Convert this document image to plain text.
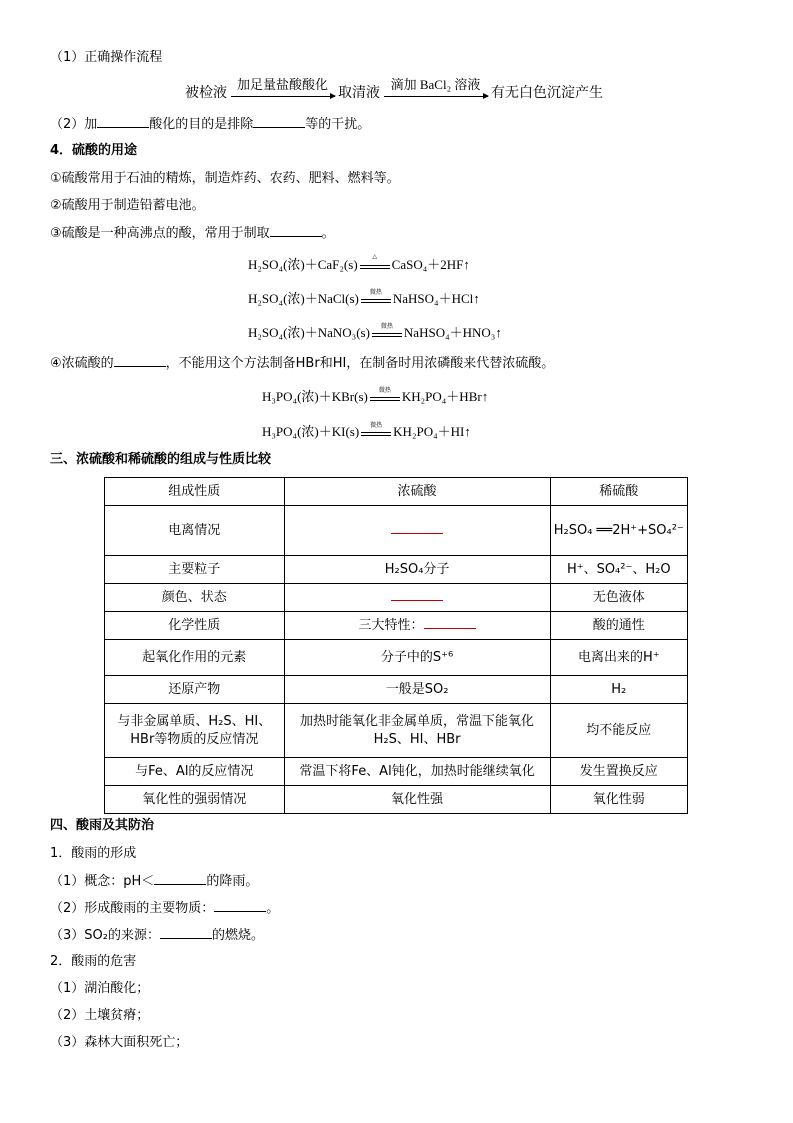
（1）正确操作流程
被检液
加足量盐酸酸化
取清液
滴加 BaCl₂ 溶液
有无白色沉淀产生
（2）加	酸化的目的是排除	等的干扰。
4．硫酸的用途
①硫酸常用于石油的精炼，制造炸药、农药、肥料、燃料等。
②硫酸用于制造铅蓄电池。
③硫酸是一种高沸点的酸，常用于制取	。
H₂SO₄(浓)＋CaF₂(s)	△	CaSO₄＋2HF↑
H₂SO₄(浓)＋NaCl(s)	微热 NaHSO₄＋HCl↑
H₂SO₄(浓)＋NaNO₃(s)	微热 NaHSO₄＋HNO₃↑
④浓硫酸的	，不能用这个方法制备HBr和HI，在制备时用浓磷酸来代替浓硫酸。
H₃PO₄(浓)＋KBr(s)	微热 KH₂PO₄＋HBr↑
H₃PO₄(浓)＋KI(s)	微热 KH₂PO₄＋HI↑
三、浓硫酸和稀硫酸的组成与性质比较
组成性质	浓硫酸	稀硫酸
电离情况		H₂SO₄ ══2H⁺+SO₄²⁻
主要粒子	H₂SO₄分子	H⁺、SO₄²⁻、H₂O
颜色、状态		无色液体
化学性质	三大特性：	酸的通性
起氧化作用的元素	分子中的S⁺⁶	电离出来的H⁺
还原产物	一般是SO₂	H₂
与非金属单质、H₂S、HI、HBr等物质的反应情况	加热时能氧化非金属单质，常温下能氧化H₂S、HI、HBr	均不能反应
与Fe、Al的反应情况	常温下将Fe、Al钝化，加热时能继续氧化	发生置换反应
氧化性的强弱情况	氧化性强	氧化性弱
四、酸雨及其防治
1．酸雨的形成
（1）概念：pH＜	的降雨。
（2）形成酸雨的主要物质：	。
（3）SO₂的来源：	的燃烧。
2．酸雨的危害
（1）湖泊酸化；
（2）土壤贫瘠；
（3）森林大面积死亡；
